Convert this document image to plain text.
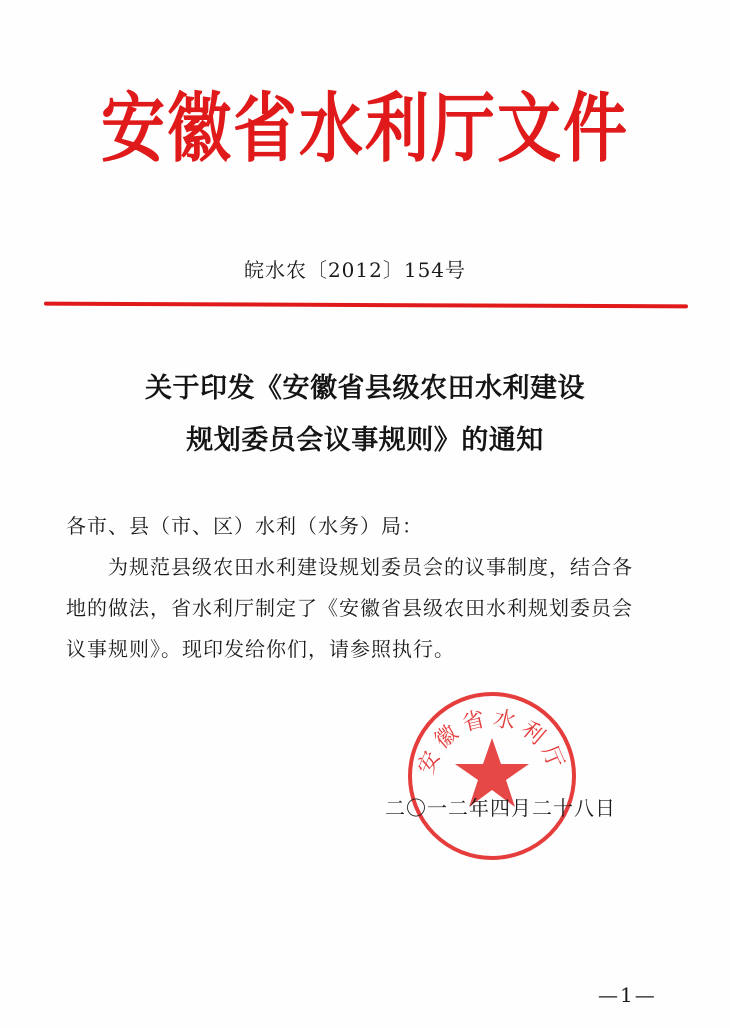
安徽省水利厅文件
皖水农〔2012〕154号
关于印发《安徽省县级农田水利建设
规划委员会议事规则》的通知
各市、县（市、区）水利（水务）局：
为规范县级农田水利建设规划委员会的议事制度，结合各
地的做法，省水利厅制定了《安徽省县级农田水利规划委员会
议事规则》。现印发给你们，请参照执行。
安徽省水利厅
二〇一二年四月二十八日
—1—
